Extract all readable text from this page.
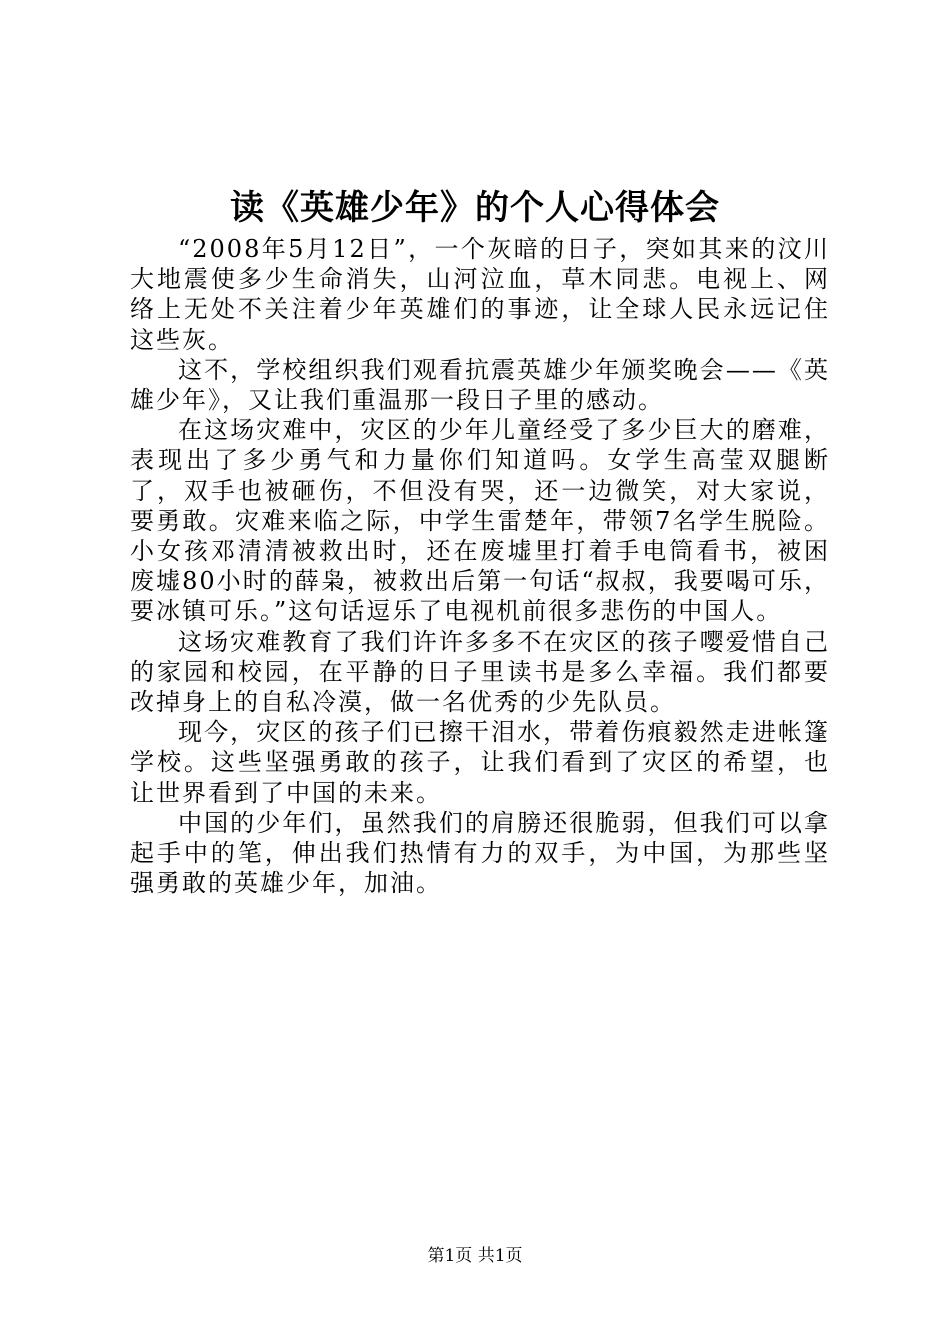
读《英雄少年》的个人心得体会

“2008年5月12日”，一个灰暗的日子，突如其来的汶川大地震使多少生命消失，山河泣血，草木同悲。电视上、网络上无处不关注着少年英雄们的事迹，让全球人民永远记住这些灰。

这不，学校组织我们观看抗震英雄少年颁奖晚会——《英雄少年》，又让我们重温那一段日子里的感动。

在这场灾难中，灾区的少年儿童经受了多少巨大的磨难，表现出了多少勇气和力量你们知道吗。女学生高莹双腿断了，双手也被砸伤，不但没有哭，还一边微笑，对大家说，要勇敢。灾难来临之际，中学生雷楚年，带领7名学生脱险。小女孩邓清清被救出时，还在废墟里打着手电筒看书，被困废墟80小时的薛枭，被救出后第一句话“叔叔，我要喝可乐，要冰镇可乐。”这句话逗乐了电视机前很多悲伤的中国人。

这场灾难教育了我们许许多多不在灾区的孩子嘤爱惜自己的家园和校园，在平静的日子里读书是多么幸福。我们都要改掉身上的自私冷漠，做一名优秀的少先队员。

现今，灾区的孩子们已擦干泪水，带着伤痕毅然走进帐篷学校。这些坚强勇敢的孩子，让我们看到了灾区的希望，也让世界看到了中国的未来。

中国的少年们，虽然我们的肩膀还很脆弱，但我们可以拿起手中的笔，伸出我们热情有力的双手，为中国，为那些坚强勇敢的英雄少年，加油。

第1页 共1页
